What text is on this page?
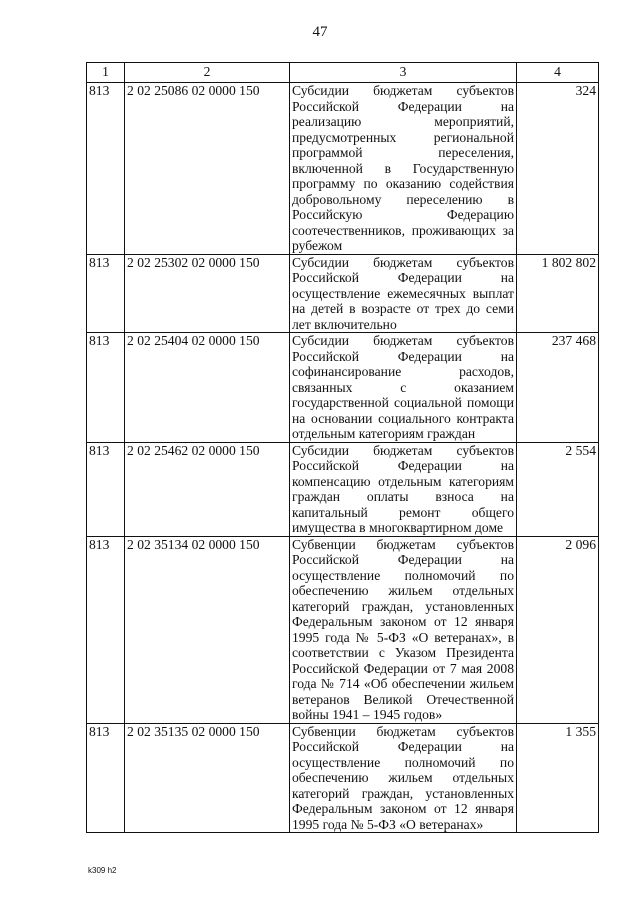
47
1	2	3	4
813	2 02 25086 02 0000 150	Субсидии бюджетам субъектов Российской Федерации на реализацию мероприятий, предусмотренных региональной программой переселения, включенной в Государственную программу по оказанию содействия добровольному переселению в Российскую Федерацию соотечественников, проживающих за рубежом	324
813	2 02 25302 02 0000 150	Субсидии бюджетам субъектов Российской Федерации на осуществление ежемесячных выплат на детей в возрасте от трех до семи лет включительно	1 802 802
813	2 02 25404 02 0000 150	Субсидии бюджетам субъектов Российской Федерации на софинансирование расходов, связанных с оказанием государственной социальной помощи на основании социального контракта отдельным категориям граждан	237 468
813	2 02 25462 02 0000 150	Субсидии бюджетам субъектов Российской Федерации на компенсацию отдельным категориям граждан оплаты взноса на капитальный ремонт общего имущества в многоквартирном доме	2 554
813	2 02 35134 02 0000 150	Субвенции бюджетам субъектов Российской Федерации на осуществление полномочий по обеспечению жильем отдельных категорий граждан, установленных Федеральным законом от 12 января 1995 года № 5-ФЗ «О ветеранах», в соответствии с Указом Президента Российской Федерации от 7 мая 2008 года № 714 «Об обеспечении жильем ветеранов Великой Отечественной войны 1941 – 1945 годов»	2 096
813	2 02 35135 02 0000 150	Субвенции бюджетам субъектов Российской Федерации на осуществление полномочий по обеспечению жильем отдельных категорий граждан, установленных Федеральным законом от 12 января 1995 года № 5-ФЗ «О ветеранах»	1 355
k309 h2
